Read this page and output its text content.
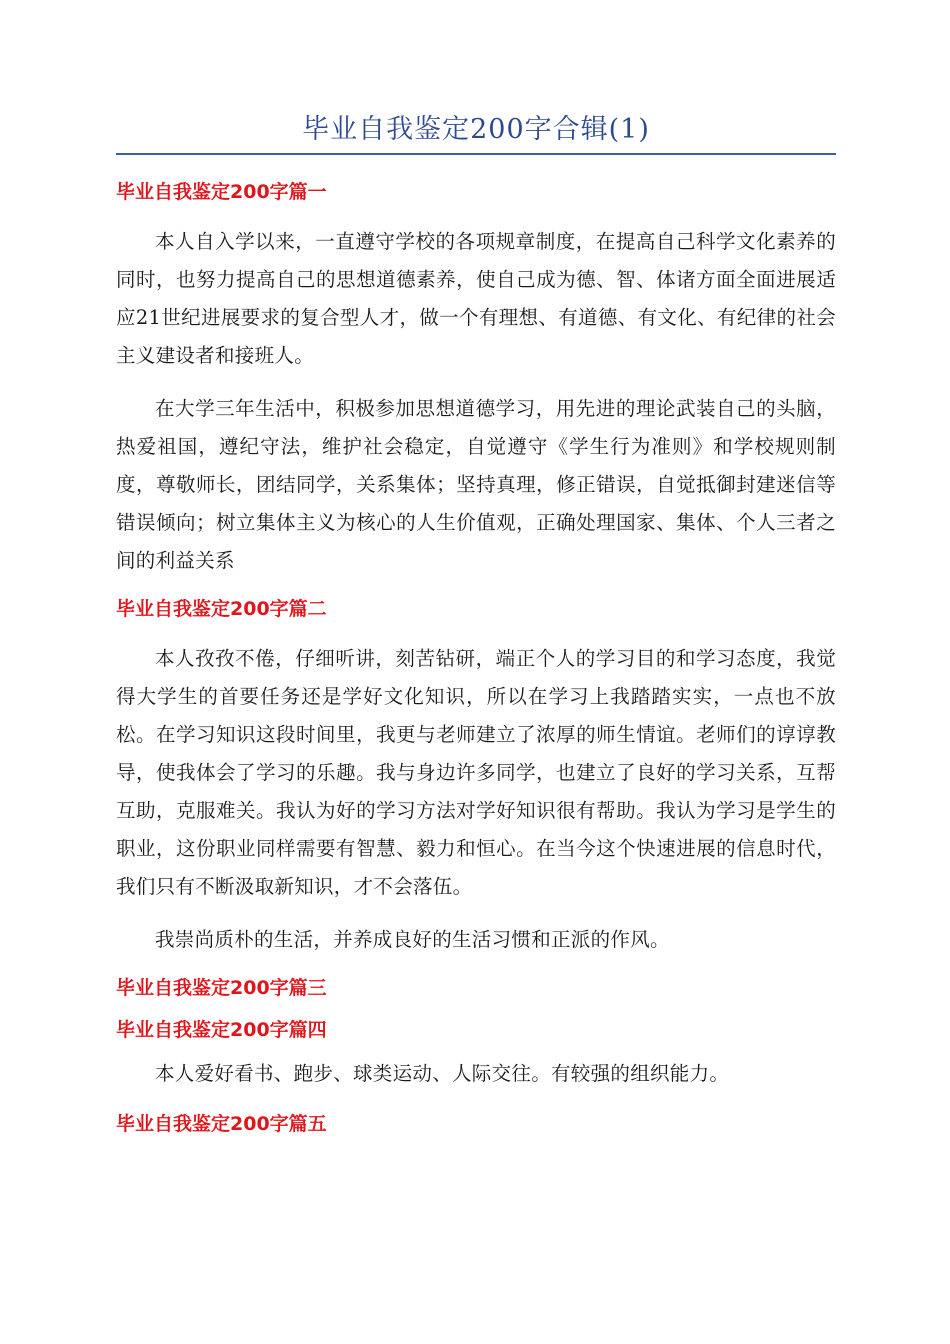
毕业自我鉴定200字合辑(1)
毕业自我鉴定200字篇一

本人自入学以来，一直遵守学校的各项规章制度，在提高自己科学文化素养的同时，也努力提高自己的思想道德素养，使自己成为德、智、体诸方面全面进展适应21世纪进展要求的复合型人才，做一个有理想、有道德、有文化、有纪律的社会主义建设者和接班人。

在大学三年生活中，积极参加思想道德学习，用先进的理论武装自己的头脑，热爱祖国，遵纪守法，维护社会稳定，自觉遵守《学生行为准则》和学校规则制度，尊敬师长，团结同学，关系集体；坚持真理，修正错误，自觉抵御封建迷信等错误倾向；树立集体主义为核心的人生价值观，正确处理国家、集体、个人三者之间的利益关系

毕业自我鉴定200字篇二

本人孜孜不倦，仔细听讲，刻苦钻研，端正个人的学习目的和学习态度，我觉得大学生的首要任务还是学好文化知识，所以在学习上我踏踏实实，一点也不放松。在学习知识这段时间里，我更与老师建立了浓厚的师生情谊。老师们的谆谆教导，使我体会了学习的乐趣。我与身边许多同学，也建立了良好的学习关系，互帮互助，克服难关。我认为好的学习方法对学好知识很有帮助。我认为学习是学生的职业，这份职业同样需要有智慧、毅力和恒心。在当今这个快速进展的信息时代，我们只有不断汲取新知识，才不会落伍。

我崇尚质朴的生活，并养成良好的生活习惯和正派的作风。

毕业自我鉴定200字篇三
毕业自我鉴定200字篇四

本人爱好看书、跑步、球类运动、人际交往。有较强的组织能力。

毕业自我鉴定200字篇五
